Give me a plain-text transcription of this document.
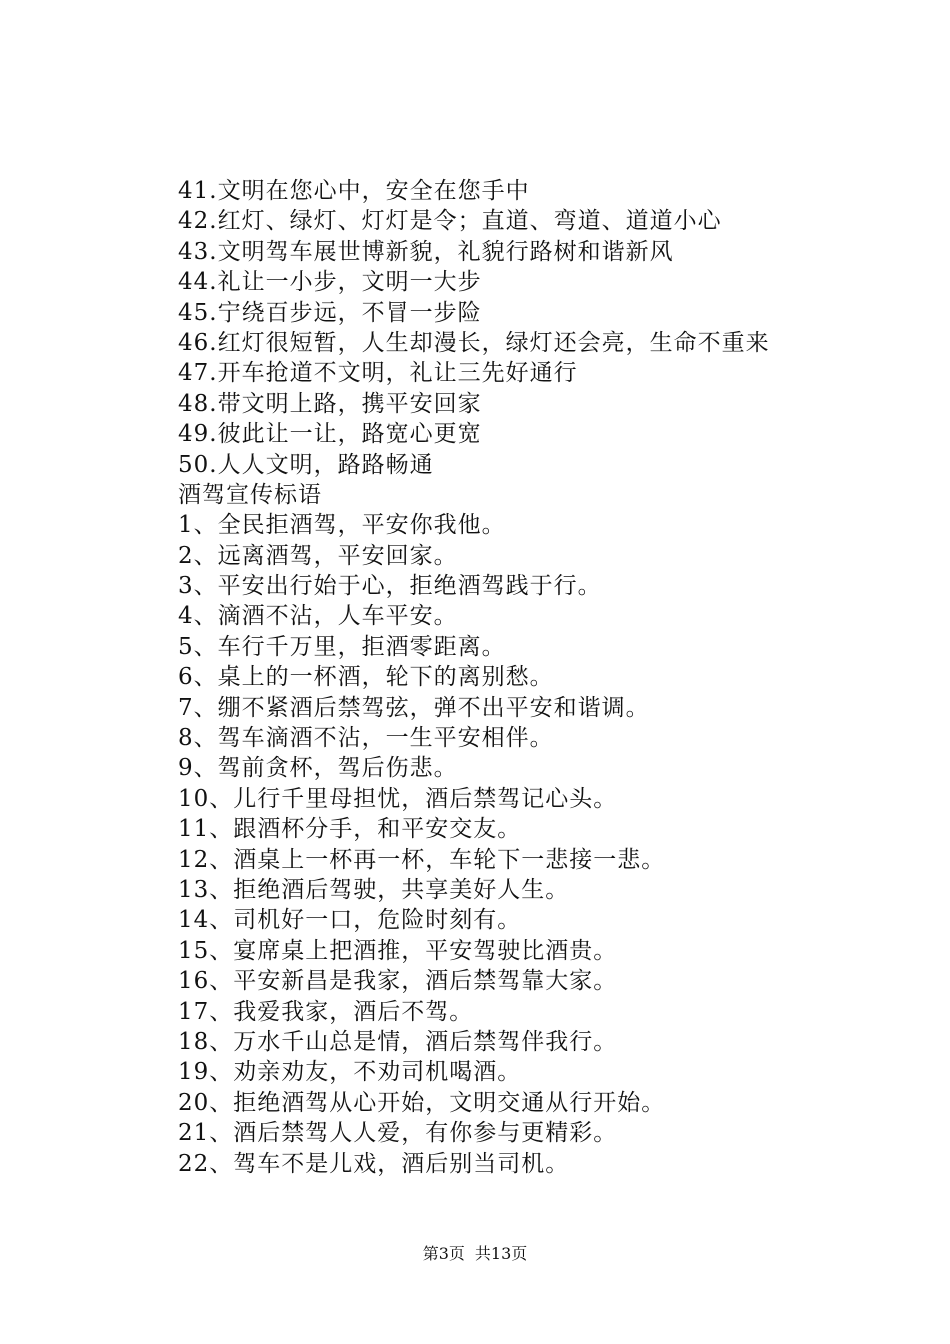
41.文明在您心中，安全在您手中
42.红灯、绿灯、灯灯是令；直道、弯道、道道小心
43.文明驾车展世博新貌，礼貌行路树和谐新风
44.礼让一小步，文明一大步
45.宁绕百步远，不冒一步险
46.红灯很短暂，人生却漫长，绿灯还会亮，生命不重来
47.开车抢道不文明，礼让三先好通行
48.带文明上路，携平安回家
49.彼此让一让，路宽心更宽
50.人人文明，路路畅通
酒驾宣传标语
1、全民拒酒驾，平安你我他。
2、远离酒驾，平安回家。
3、平安出行始于心，拒绝酒驾践于行。
4、滴酒不沾，人车平安。
5、车行千万里，拒酒零距离。
6、桌上的一杯酒，轮下的离别愁。
7、绷不紧酒后禁驾弦，弹不出平安和谐调。
8、驾车滴酒不沾，一生平安相伴。
9、驾前贪杯，驾后伤悲。
10、儿行千里母担忧，酒后禁驾记心头。
11、跟酒杯分手，和平安交友。
12、酒桌上一杯再一杯，车轮下一悲接一悲。
13、拒绝酒后驾驶，共享美好人生。
14、司机好一口，危险时刻有。
15、宴席桌上把酒推，平安驾驶比酒贵。
16、平安新昌是我家，酒后禁驾靠大家。
17、我爱我家，酒后不驾。
18、万水千山总是情，酒后禁驾伴我行。
19、劝亲劝友，不劝司机喝酒。
20、拒绝酒驾从心开始，文明交通从行开始。
21、酒后禁驾人人爱，有你参与更精彩。
22、驾车不是儿戏，酒后别当司机。
第3页 共13页
